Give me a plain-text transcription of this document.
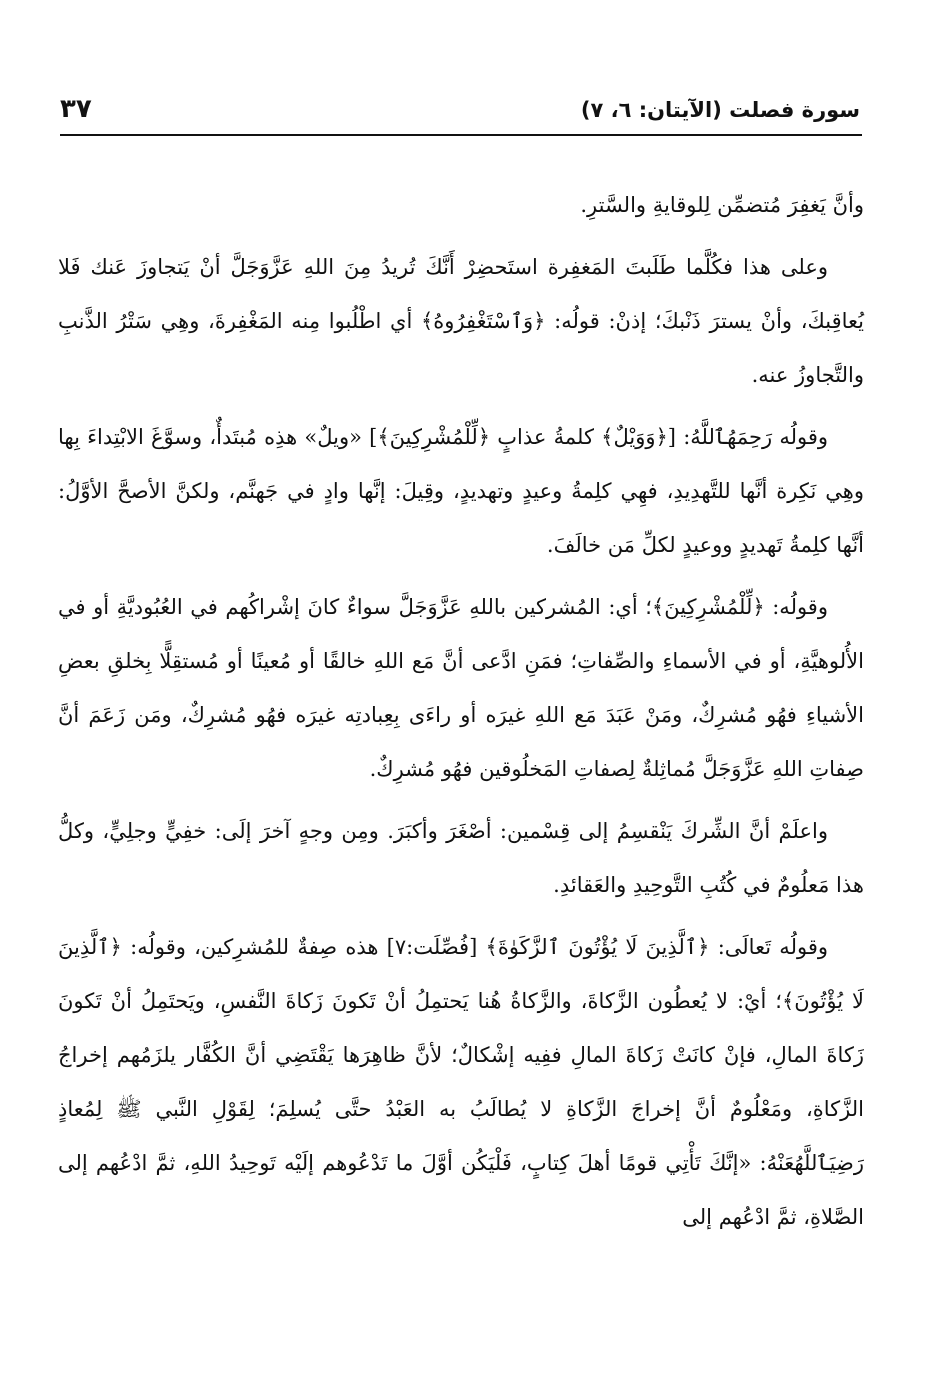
سورة فصلت (الآيتان: ٦، ٧)
٣٧

وأنَّ يَغفِرَ مُتضمِّن لِلوقايةِ والسَّترِ.

وعلى هذا فكُلَّما طَلَبتَ المَغفِرة استَحضِرْ أَنَّكَ تُريدُ مِنَ اللهِ عَزَّوَجَلَّ أنْ يَتجاوزَ عَنك فَلا يُعاقِبكَ، وأنْ يسترَ ذَنْبكَ؛ إذنْ: قولُه: ﴿وَٱسْتَغْفِرُوهُ﴾ أي اطْلُبوا مِنه المَغْفِرةَ، وهِي سَتْرُ الذَّنبِ والتَّجاوزُ عنه.

وقولُه رَحِمَهُٱللَّهُ: [﴿وَوَيْلٌ﴾ كلمةُ عذابٍ ﴿لِّلْمُشْرِكِينَ﴾] «ويلٌ» هذِه مُبتَدأٌ، وسوَّغَ الابْتِداءَ بِها وهِي نَكِرة أنَّها للتَّهدِيدِ، فهِي كلِمةُ وعيدٍ وتهديدٍ، وقِيلَ: إنَّها وادٍ في جَهنَّم، ولكنَّ الأصحَّ الأوَّلُ: أنَّها كلِمةُ تَهديدٍ ووعيدٍ لكلِّ مَن خالَفَ.

وقولُه: ﴿لِّلْمُشْرِكِينَ﴾؛ أي: المُشركين باللهِ عَزَّوَجَلَّ سواءٌ كانَ إشْراكُهم في العُبُوديَّةِ أو في الأُلوهيَّةِ، أو في الأسماءِ والصِّفاتِ؛ فمَنِ ادَّعى أنَّ مَع اللهِ خالقًا أو مُعينًا أو مُستقِلًّا بِخلقِ بعضِ الأشياءِ فهُو مُشرِكٌ، ومَنْ عَبَدَ مَع اللهِ غيرَه أو راءَى بِعِبادتِه غيرَه فهُو مُشرِكٌ، ومَن زَعَمَ أنَّ صِفاتِ اللهِ عَزَّوَجَلَّ مُماثِلةٌ لِصفاتِ المَخلُوقين فهُو مُشرِكٌ.

واعلَمْ أنَّ الشِّركَ يَنْقسِمُ إلى قِسْمين: أصْغَرَ وأكبَرَ. ومِن وجهٍ آخرَ إلَى: خفِيٍّ وجلِيٍّ، وكلُّ هذا مَعلُومٌ في كُتُبِ التَّوحِيدِ والعَقائدِ.

وقولُه تَعالَى: ﴿ٱلَّذِينَ لَا يُؤْتُونَ ٱلزَّكَوٰةَ﴾ [فُصِّلَت:٧] هذه صِفةٌ للمُشرِكين، وقولُه: ﴿ٱلَّذِينَ لَا يُؤْتُونَ﴾؛ أيْ: لا يُعطُون الزَّكاةَ، والزَّكاةُ هُنا يَحتمِلُ أنْ تَكونَ زَكاةَ النَّفسِ، ويَحتَمِلُ أنْ تَكونَ زَكاةَ المالِ، فإنْ كانَتْ زَكاةَ المالِ ففِيه إشْكالٌ؛ لأنَّ ظاهِرَها يَقْتَضِي أنَّ الكُفَّار يلزَمُهم إخراجُ الزَّكاةِ، ومَعْلُومٌ أنَّ إخراجَ الزَّكاةِ لا يُطالَبُ به العَبْدُ حتَّى يُسلِمَ؛ لِقَوْلِ النَّبي ﷺ لِمُعاذٍ رَضِيَٱللَّهُعَنْهُ: «إنَّكَ تَأْتِي قومًا أهلَ كِتابٍ، فَلْيَكُن أوَّلَ ما تَدْعُوهم إلَيْه تَوحِيدُ اللهِ، ثمَّ ادْعُهم إلى الصَّلاةِ، ثمَّ ادْعُهم إلى
